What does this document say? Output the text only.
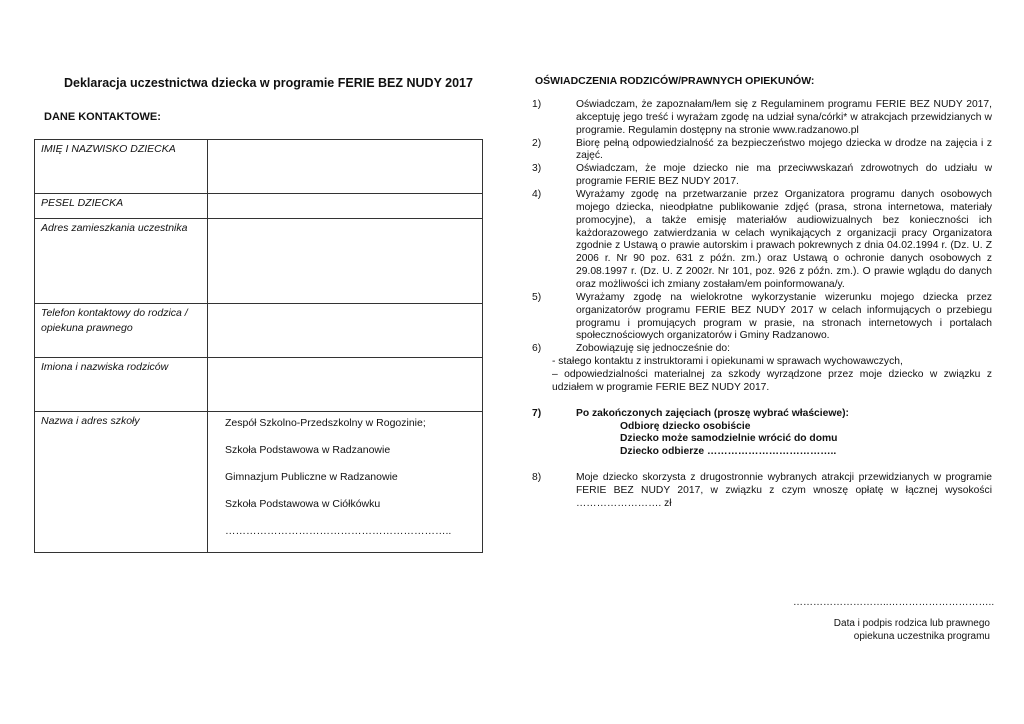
Deklaracja uczestnictwa dziecka w programie FERIE BEZ NUDY 2017
DANE KONTAKTOWE:
IMIĘ I NAZWISKO DZIECKA	
PESEL DZIECKA	
Adres zamieszkania uczestnika	
Telefon kontaktowy do rodzica / opiekuna prawnego	
Imiona i nazwiska rodziców	
Nazwa i adres szkoły	Zespół Szkolno-Przedszkolny w Rogozinie;
Szkoła Podstawowa w Radzanowie
Gimnazjum Publiczne w Radzanowie
Szkoła Podstawowa w Ciółkówku
………………………………………………………..
OŚWIADCZENIA RODZICÓW/PRAWNYCH OPIEKUNÓW:
1)	Oświadczam, że zapoznałam/łem się z Regulaminem programu FERIE BEZ NUDY 2017, akceptuję jego treść i wyrażam zgodę na udział syna/córki* w atrakcjach przewidzianych w programie. Regulamin dostępny na stronie www.radzanowo.pl
2)	Biorę pełną odpowiedzialność za bezpieczeństwo mojego dziecka w drodze na zajęcia i z zajęć.
3)	Oświadczam, że moje dziecko nie ma przeciwwskazań zdrowotnych do udziału w programie FERIE BEZ NUDY 2017.
4)	Wyrażamy zgodę na przetwarzanie przez Organizatora programu danych osobowych mojego dziecka, nieodpłatne publikowanie zdjęć (prasa, strona internetowa, materiały promocyjne), a także emisję materiałów audiowizualnych bez konieczności ich każdorazowego zatwierdzania w celach wynikających z organizacji pracy Organizatora zgodnie z Ustawą o prawie autorskim i prawach pokrewnych z dnia 04.02.1994 r. (Dz. U. Z 2006 r. Nr 90 poz. 631 z późn. zm.) oraz Ustawą o ochronie danych osobowych z 29.08.1997 r. (Dz. U. Z 2002r. Nr 101, poz. 926 z późn. zm.). O prawie wglądu do danych oraz możliwości ich zmiany zostałam/em poinformowana/y.
5)	Wyrażamy zgodę na wielokrotne wykorzystanie wizerunku mojego dziecka przez organizatorów programu FERIE BEZ NUDY 2017 w celach informujących o przebiegu programu i promujących program w prasie, na stronach internetowych i portalach społecznościowych organizatorów i Gminy Radzanowo.
6)	Zobowiązuję się jednocześnie do:
- stałego kontaktu z instruktorami i opiekunami w sprawach wychowawczych,
– odpowiedzialności materialnej za szkody wyrządzone przez moje dziecko w związku z udziałem w programie FERIE BEZ NUDY 2017.
7)	Po zakończonych zajęciach (proszę wybrać właściewe):
Odbiorę dziecko osobiście
Dziecko może samodzielnie wrócić do domu
Dziecko odbierze ………………………………..
8)	Moje dziecko skorzysta z drugostronnie wybranych atrakcji przewidzianych w programie FERIE BEZ NUDY 2017, w związku z czym wnoszę opłatę w łącznej wysokości ……………………. zł
………………………..…………………………..
Data i podpis rodzica lub prawnego
opiekuna uczestnika programu
